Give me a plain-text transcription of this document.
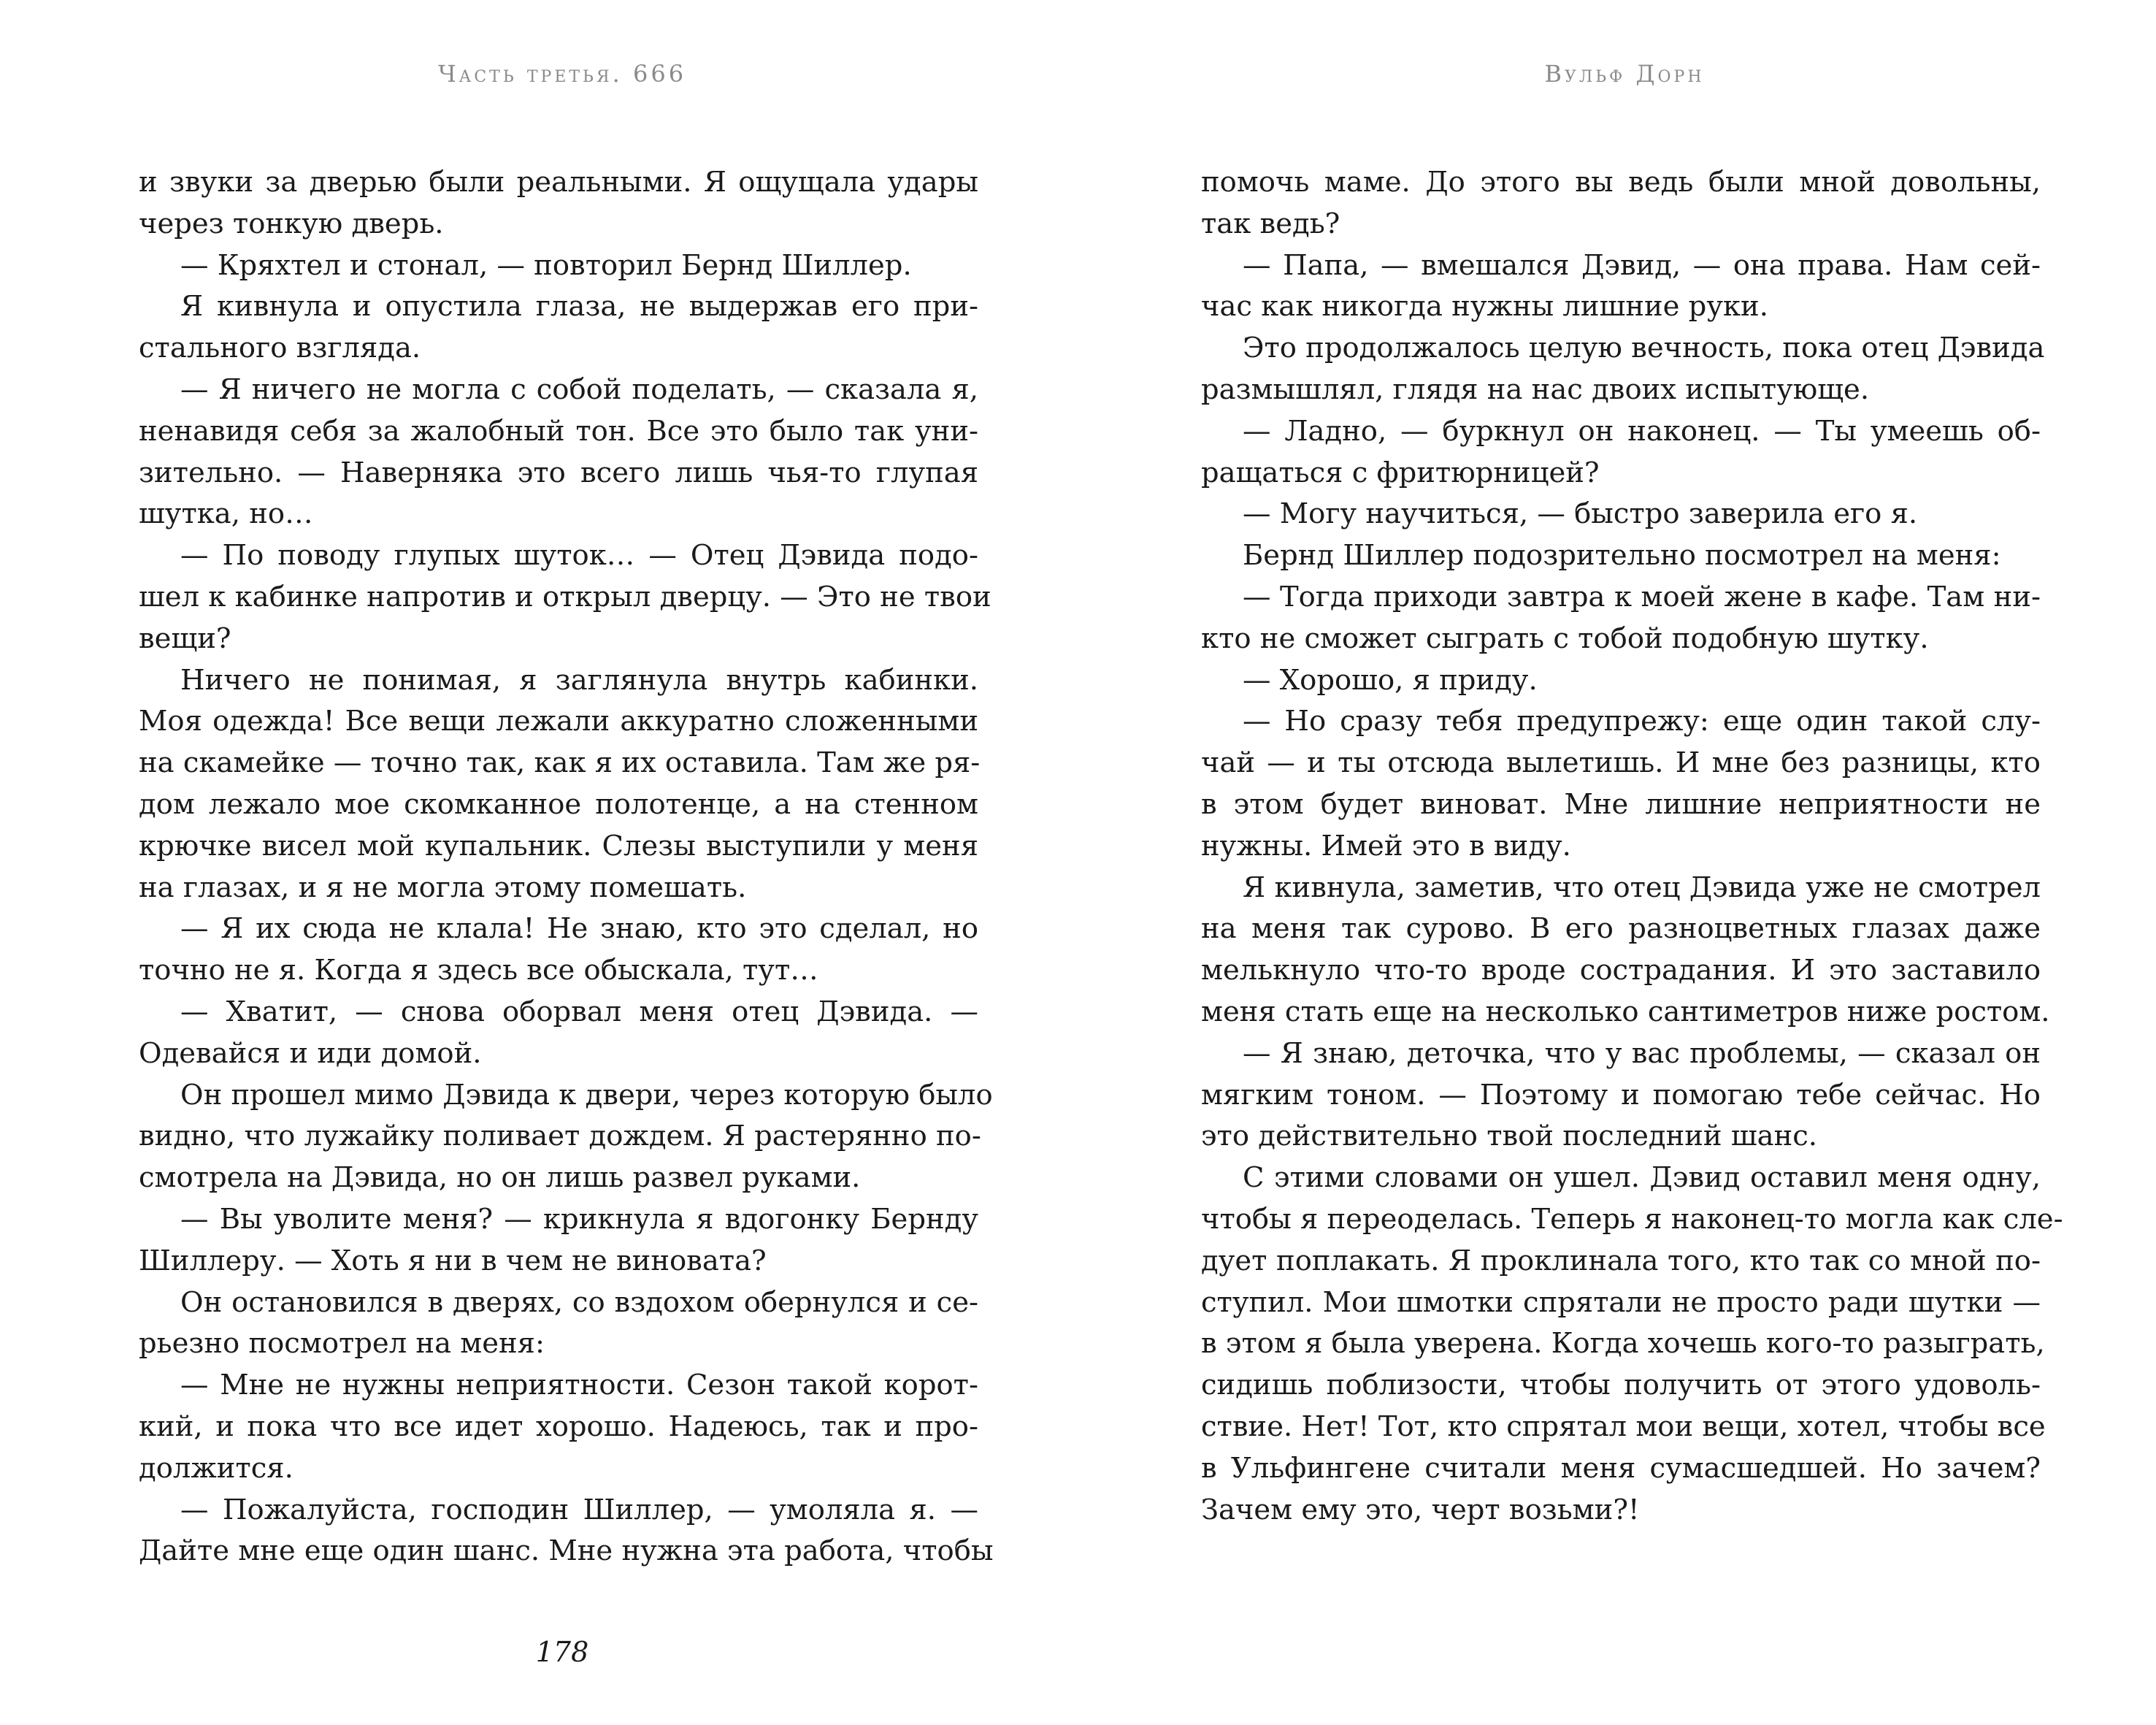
Часть третья. 666
и звуки за дверью были реальными. Я ощущала удары
через тонкую дверь.
— Кряхтел и стонал, — повторил Бернд Шиллер.
Я кивнула и опустила глаза, не выдержав его при-
стального взгляда.
— Я ничего не могла с собой поделать, — сказала я,
ненавидя себя за жалобный тон. Все это было так уни-
зительно. — Наверняка это всего лишь чья-то глупая
шутка, но…
— По поводу глупых шуток… — Отец Дэвида подо-
шел к кабинке напротив и открыл дверцу. — Это не твои
вещи?
Ничего не понимая, я заглянула внутрь кабинки.
Моя одежда! Все вещи лежали аккуратно сложенными
на скамейке — точно так, как я их оставила. Там же ря-
дом лежало мое скомканное полотенце, а на стенном
крючке висел мой купальник. Слезы выступили у меня
на глазах, и я не могла этому помешать.
— Я их сюда не клала! Не знаю, кто это сделал, но
точно не я. Когда я здесь все обыскала, тут…
— Хватит, — снова оборвал меня отец Дэвида. —
Одевайся и иди домой.
Он прошел мимо Дэвида к двери, через которую было
видно, что лужайку поливает дождем. Я растерянно по-
смотрела на Дэвида, но он лишь развел руками.
— Вы уволите меня? — крикнула я вдогонку Бернду
Шиллеру. — Хоть я ни в чем не виновата?
Он остановился в дверях, со вздохом обернулся и се-
рьезно посмотрел на меня:
— Мне не нужны неприятности. Сезон такой корот-
кий, и пока что все идет хорошо. Надеюсь, так и про-
должится.
— Пожалуйста, господин Шиллер, — умоляла я. —
Дайте мне еще один шанс. Мне нужна эта работа, чтобы
178
Вульф Дорн
помочь маме. До этого вы ведь были мной довольны,
так ведь?
— Папа, — вмешался Дэвид, — она права. Нам сей-
час как никогда нужны лишние руки.
Это продолжалось целую вечность, пока отец Дэвида
размышлял, глядя на нас двоих испытующе.
— Ладно, — буркнул он наконец. — Ты умеешь об-
ращаться с фритюрницей?
— Могу научиться, — быстро заверила его я.
Бернд Шиллер подозрительно посмотрел на меня:
— Тогда приходи завтра к моей жене в кафе. Там ни-
кто не сможет сыграть с тобой подобную шутку.
— Хорошо, я приду.
— Но сразу тебя предупрежу: еще один такой слу-
чай — и ты отсюда вылетишь. И мне без разницы, кто
в этом будет виноват. Мне лишние неприятности не
нужны. Имей это в виду.
Я кивнула, заметив, что отец Дэвида уже не смотрел
на меня так сурово. В его разноцветных глазах даже
мелькнуло что-то вроде сострадания. И это заставило
меня стать еще на несколько сантиметров ниже ростом.
— Я знаю, деточка, что у вас проблемы, — сказал он
мягким тоном. — Поэтому и помогаю тебе сейчас. Но
это действительно твой последний шанс.
С этими словами он ушел. Дэвид оставил меня одну,
чтобы я переоделась. Теперь я наконец-то могла как сле-
дует поплакать. Я проклинала того, кто так со мной по-
ступил. Мои шмотки спрятали не просто ради шутки —
в этом я была уверена. Когда хочешь кого-то разыграть,
сидишь поблизости, чтобы получить от этого удоволь-
ствие. Нет! Тот, кто спрятал мои вещи, хотел, чтобы все
в Ульфингене считали меня сумасшедшей. Но зачем?
Зачем ему это, черт возьми?!
